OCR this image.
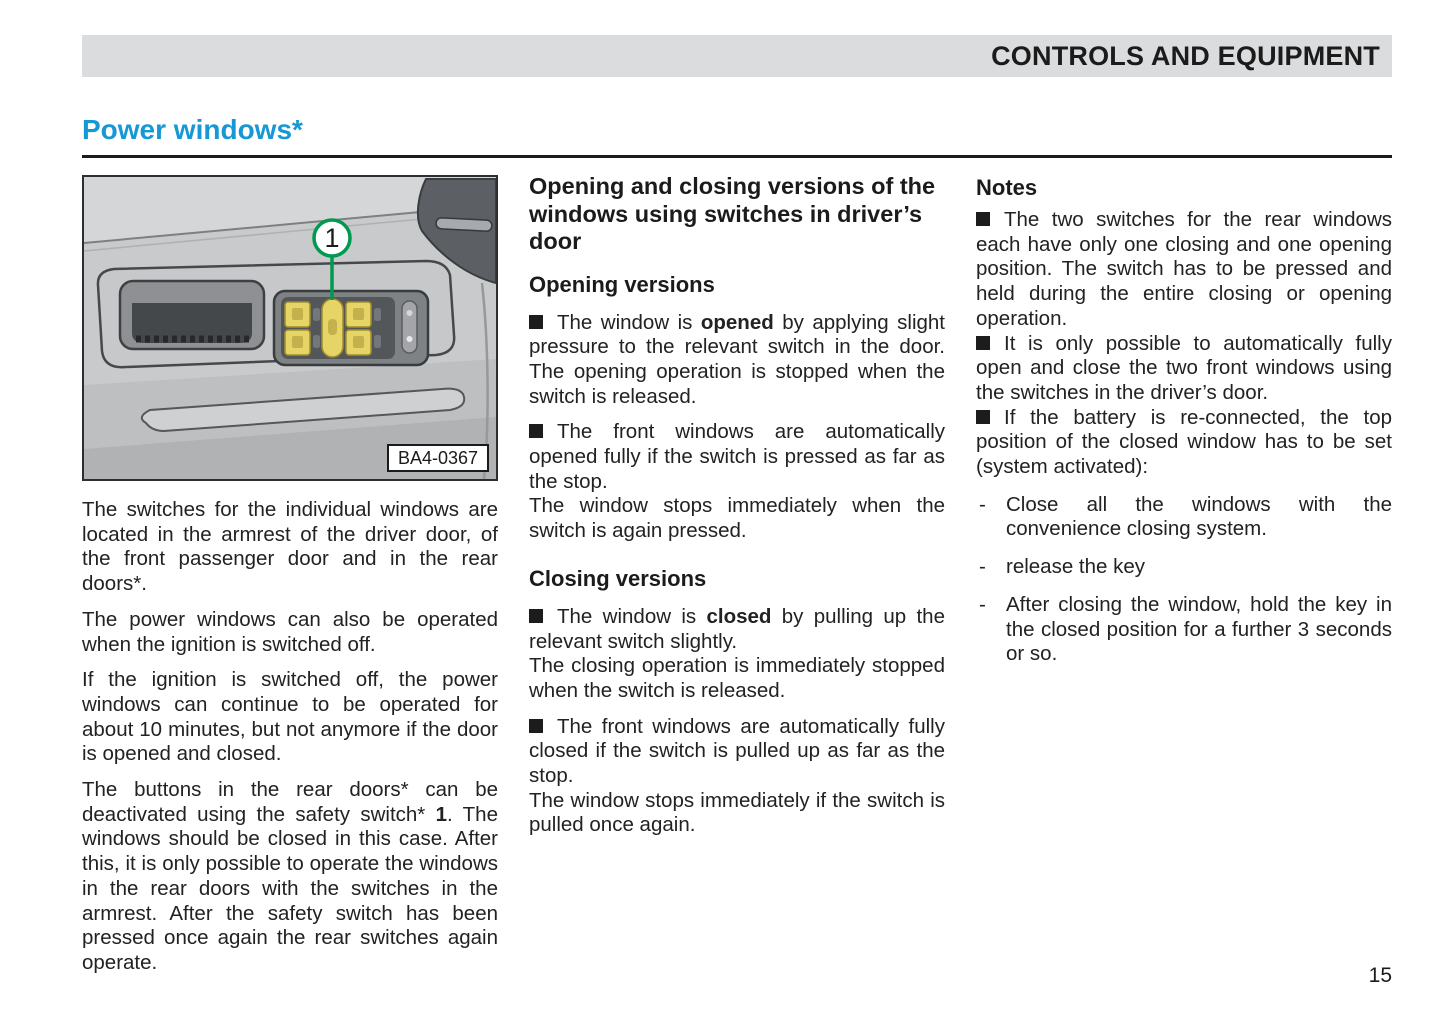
CONTROLS AND EQUIPMENT
Power windows*
1
BA4-0367

The switches for the individual windows are located in the armrest of the driver door, of the front passenger door and in the rear doors*.

The power windows can also be operated when the ignition is switched off.

If the ignition is switched off, the power windows can continue to be operated for about 10 minutes, but not anymore if the door is opened and closed.

The buttons in the rear doors* can be deactivated using the safety switch* 1. The windows should be closed in this case. After this, it is only possible to operate the windows in the rear doors with the switches in the armrest. After the safety switch has been pressed once again the rear switches again operate.

Opening and closing versions of the windows using switches in driver’s door
Opening versions

The window is opened by applying slight pressure to the relevant switch in the door. The opening operation is stopped when the switch is released.

The front windows are automatically opened fully if the switch is pressed as far as the stop.

The window stops immediately when the switch is again pressed.

Closing versions

The window is closed by pulling up the relevant switch slightly.

The closing operation is immediately stopped when the switch is released.

The front windows are automatically fully closed if the switch is pulled up as far as the stop.

The window stops immediately if the switch is pulled once again.

Notes

The two switches for the rear windows each have only one closing and one opening position. The switch has to be pressed and held during the entire closing or opening operation.

It is only possible to automatically fully open and close the two front windows using the switches in the driver’s door.

If the battery is re-connected, the top position of the closed window has to be set (system activated):

- Close all the windows with the convenience closing system.
- release the key
- After closing the window, hold the key in the closed position for a further 3 seconds or so.
15
